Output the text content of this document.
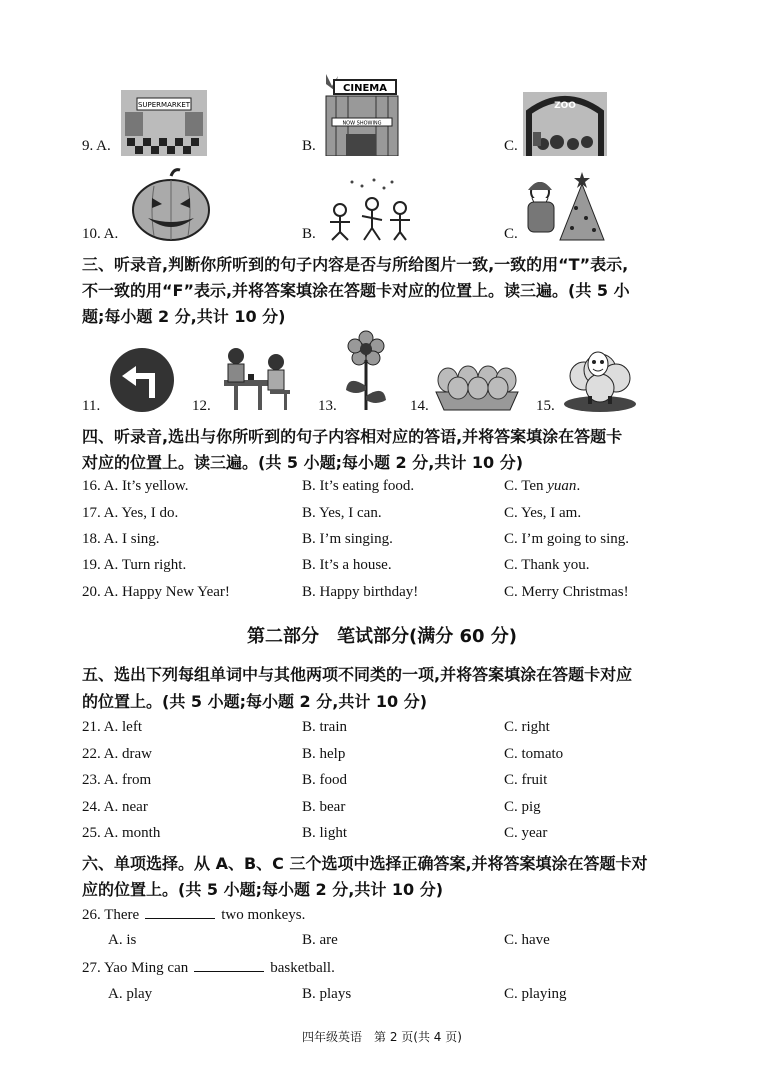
9. A.
SUPERMARKET
B.
CINEMA
NOW SHOWING
C.
ZOO
10. A.	B.	C.
三、听录音,判断你所听到的句子内容是否与所给图片一致,一致的用“T”表示,
不一致的用“F”表示,并将答案填涂在答题卡对应的位置上。读三遍。(共 5 小
题;每小题 2 分,共计 10 分)
11.	12.	13.	14.	15.
四、听录音,选出与你所听到的句子内容相对应的答语,并将答案填涂在答题卡
对应的位置上。读三遍。(共 5 小题;每小题 2 分,共计 10 分)
16. A. It’s yellow.	B. It’s eating food.	C. Ten yuan.
17. A. Yes, I do.	B. Yes, I can.	C. Yes, I am.
18. A. I sing.	B. I’m singing.	C. I’m going to sing.
19. A. Turn right.	B. It’s a house.	C. Thank you.
20. A. Happy New Year!	B. Happy birthday!	C. Merry Christmas!
第二部分　笔试部分(满分 60 分)
五、选出下列每组单词中与其他两项不同类的一项,并将答案填涂在答题卡对应
的位置上。(共 5 小题;每小题 2 分,共计 10 分)
21. A. left	B. train	C. right
22. A. draw	B. help	C. tomato
23. A. from	B. food	C. fruit
24. A. near	B. bear	C. pig
25. A. month	B. light	C. year
六、单项选择。从 A、B、C 三个选项中选择正确答案,并将答案填涂在答题卡对
应的位置上。(共 5 小题;每小题 2 分,共计 10 分)
26. There	two monkeys.
A. is	B. are	C. have
27. Yao Ming can	basketball.
A. play	B. plays	C. playing
四年级英语　第 2 页(共 4 页)
